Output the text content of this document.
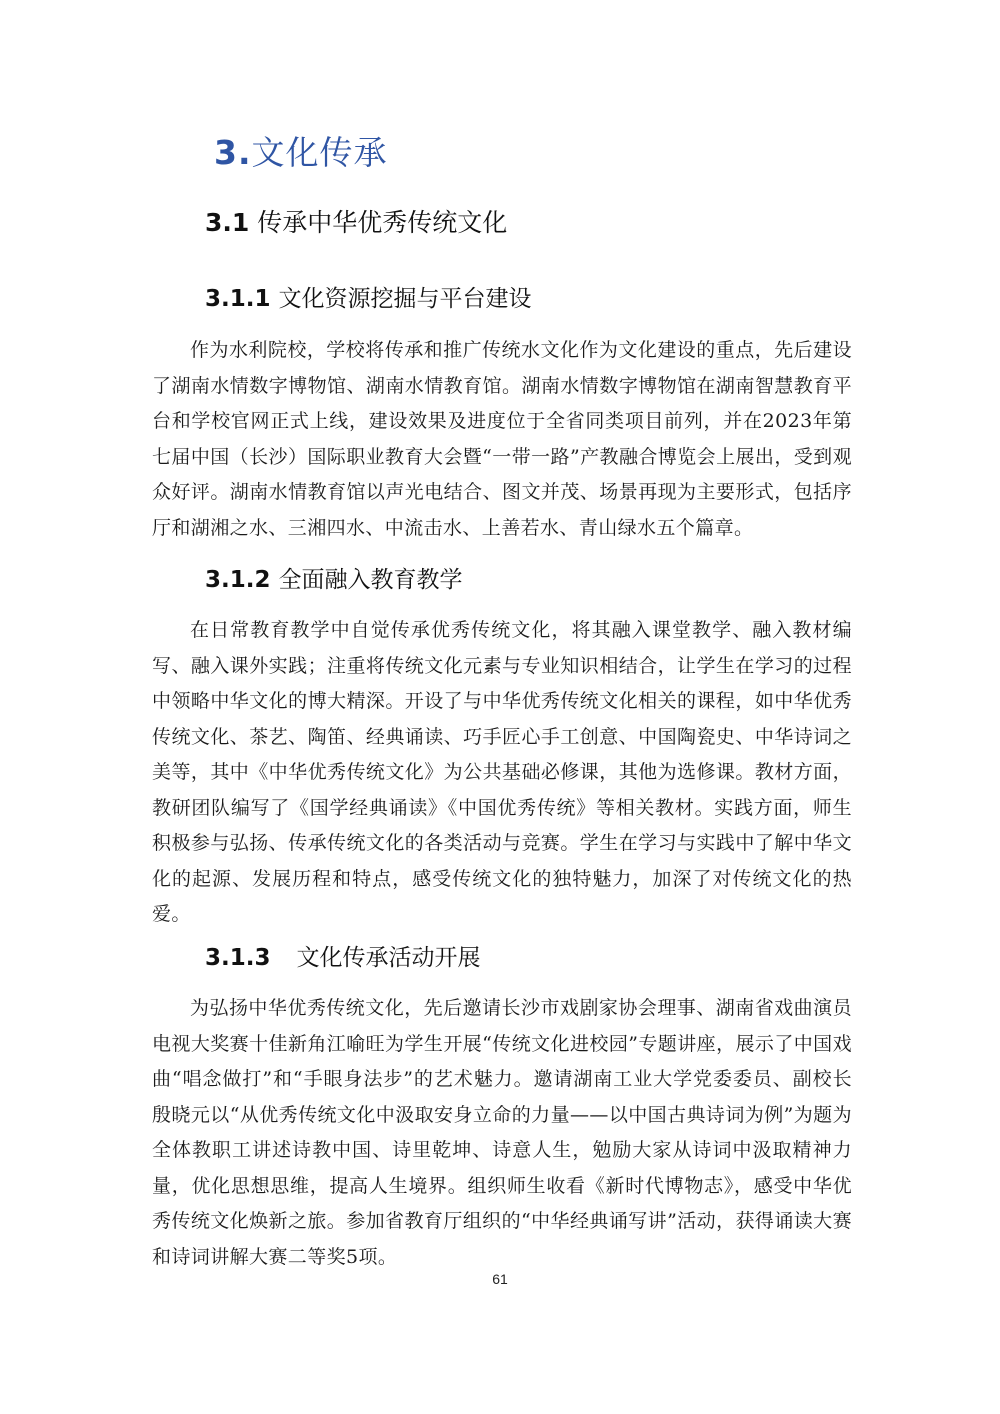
3.文化传承
3.1 传承中华优秀传统文化
3.1.1 文化资源挖掘与平台建设

作为水利院校，学校将传承和推广传统水文化作为文化建设的重点，先后建设了湖南水情数字博物馆、湖南水情教育馆。湖南水情数字博物馆在湖南智慧教育平台和学校官网正式上线，建设效果及进度位于全省同类项目前列，并在2023年第七届中国（长沙）国际职业教育大会暨“一带一路”产教融合博览会上展出，受到观众好评。湖南水情教育馆以声光电结合、图文并茂、场景再现为主要形式，包括序厅和湖湘之水、三湘四水、中流击水、上善若水、青山绿水五个篇章。

3.1.2 全面融入教育教学

在日常教育教学中自觉传承优秀传统文化，将其融入课堂教学、融入教材编写、融入课外实践；注重将传统文化元素与专业知识相结合，让学生在学习的过程中领略中华文化的博大精深。开设了与中华优秀传统文化相关的课程，如中华优秀传统文化、茶艺、陶笛、经典诵读、巧手匠心手工创意、中国陶瓷史、中华诗词之美等，其中《中华优秀传统文化》为公共基础必修课，其他为选修课。教材方面，教研团队编写了《国学经典诵读》《中国优秀传统》等相关教材。实践方面，师生积极参与弘扬、传承传统文化的各类活动与竞赛。学生在学习与实践中了解中华文化的起源、发展历程和特点，感受传统文化的独特魅力，加深了对传统文化的热爱。

3.1.3 文化传承活动开展

为弘扬中华优秀传统文化，先后邀请长沙市戏剧家协会理事、湖南省戏曲演员电视大奖赛十佳新角江喻旺为学生开展“传统文化进校园”专题讲座，展示了中国戏曲“唱念做打”和“手眼身法步”的艺术魅力。邀请湖南工业大学党委委员、副校长殷晓元以“从优秀传统文化中汲取安身立命的力量——以中国古典诗词为例”为题为全体教职工讲述诗教中国、诗里乾坤、诗意人生，勉励大家从诗词中汲取精神力量，优化思想思维，提高人生境界。组织师生收看《新时代博物志》，感受中华优秀传统文化焕新之旅。参加省教育厅组织的“中华经典诵写讲”活动，获得诵读大赛和诗词讲解大赛二等奖5项。

61
